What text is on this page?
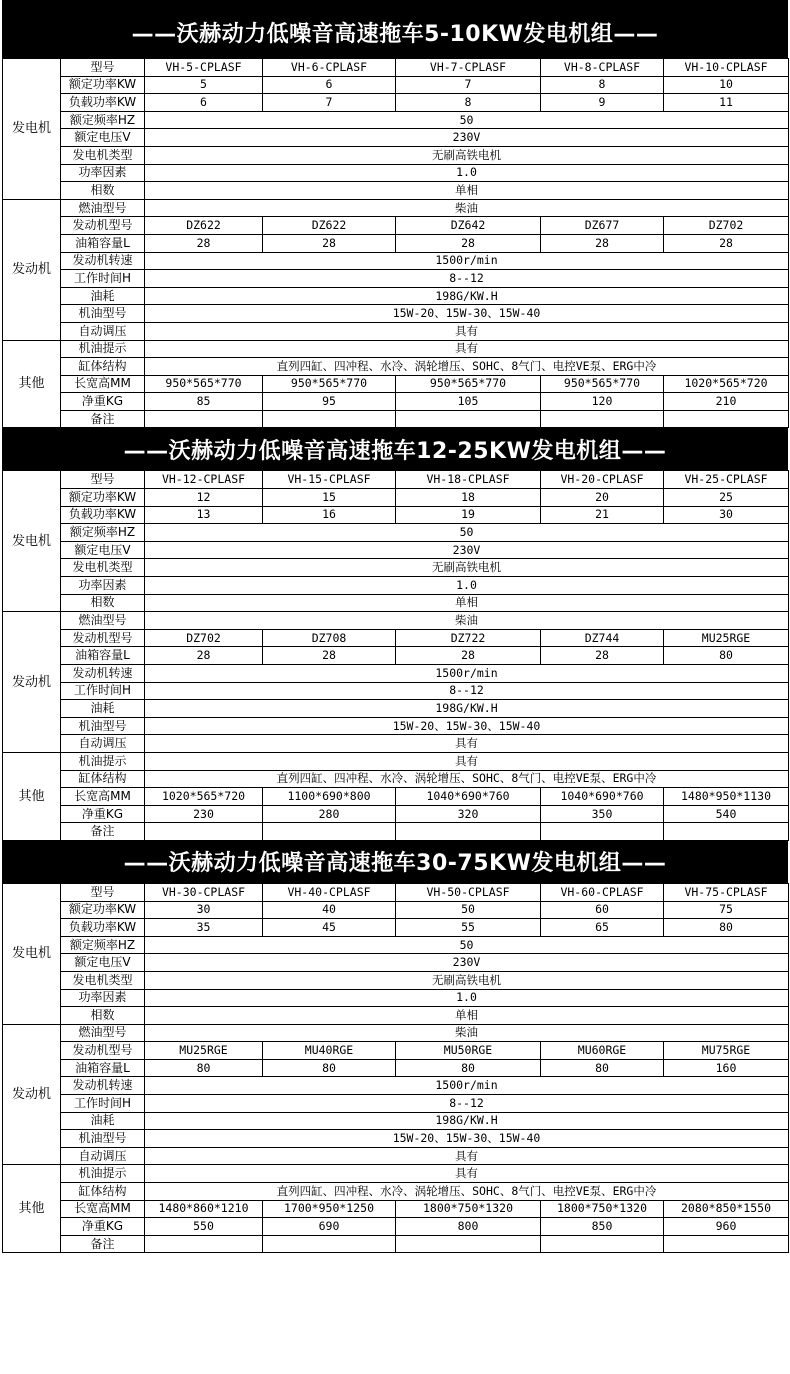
——沃赫动力低噪音高速拖车5-10KW发电机组——
发电机	型号	VH-5-CPLASF	VH-6-CPLASF	VH-7-CPLASF	VH-8-CPLASF	VH-10-CPLASF
	额定功率KW	5	6	7	8	10
	负载功率KW	6	7	8	9	11
	额定频率HZ	50				
	额定电压V	230V				
	发电机类型	无刷高铁电机				
	功率因素	1.0				
	相数	单相				
发动机	燃油型号	柴油				
	发动机型号	DZ622	DZ622	DZ642	DZ677	DZ702
	油箱容量L	28	28	28	28	28
	发动机转速	1500r/min				
	工作时间H	8--12				
	油耗	198G/KW.H				
	机油型号	15W-20、15W-30、15W-40				
	自动调压	具有				
其他	机油提示	具有				
	缸体结构	直列四缸、四冲程、水冷、涡轮增压、SOHC、8气门、电控VE泵、ERG中冷				
	长宽高MM	950*565*770	950*565*770	950*565*770	950*565*770	1020*565*720
	净重KG	85	95	105	120	210
	备注					
——沃赫动力低噪音高速拖车12-25KW发电机组——
发电机	型号	VH-12-CPLASF	VH-15-CPLASF	VH-18-CPLASF	VH-20-CPLASF	VH-25-CPLASF
	额定功率KW	12	15	18	20	25
	负载功率KW	13	16	19	21	30
	额定频率HZ	50				
	额定电压V	230V				
	发电机类型	无刷高铁电机				
	功率因素	1.0				
	相数	单相				
发动机	燃油型号	柴油				
	发动机型号	DZ702	DZ708	DZ722	DZ744	MU25RGE
	油箱容量L	28	28	28	28	80
	发动机转速	1500r/min				
	工作时间H	8--12				
	油耗	198G/KW.H				
	机油型号	15W-20、15W-30、15W-40				
	自动调压	具有				
其他	机油提示	具有				
	缸体结构	直列四缸、四冲程、水冷、涡轮增压、SOHC、8气门、电控VE泵、ERG中冷				
	长宽高MM	1020*565*720	1100*690*800	1040*690*760	1040*690*760	1480*950*1130
	净重KG	230	280	320	350	540
	备注					
——沃赫动力低噪音高速拖车30-75KW发电机组——
发电机	型号	VH-30-CPLASF	VH-40-CPLASF	VH-50-CPLASF	VH-60-CPLASF	VH-75-CPLASF
	额定功率KW	30	40	50	60	75
	负载功率KW	35	45	55	65	80
	额定频率HZ	50				
	额定电压V	230V				
	发电机类型	无刷高铁电机				
	功率因素	1.0				
	相数	单相				
发动机	燃油型号	柴油				
	发动机型号	MU25RGE	MU40RGE	MU50RGE	MU60RGE	MU75RGE
	油箱容量L	80	80	80	80	160
	发动机转速	1500r/min				
	工作时间H	8--12				
	油耗	198G/KW.H				
	机油型号	15W-20、15W-30、15W-40				
	自动调压	具有				
其他	机油提示	具有				
	缸体结构	直列四缸、四冲程、水冷、涡轮增压、SOHC、8气门、电控VE泵、ERG中冷				
	长宽高MM	1480*860*1210	1700*950*1250	1800*750*1320	1800*750*1320	2080*850*1550
	净重KG	550	690	800	850	960
	备注					
